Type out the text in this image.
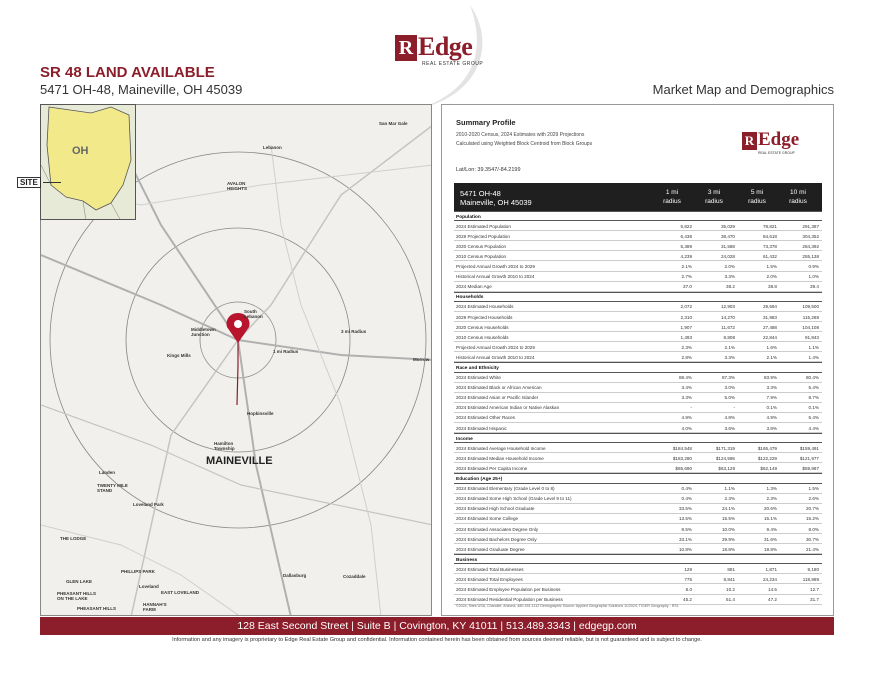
R Edge
REAL ESTATE GROUP
SR 48 LAND AVAILABLE
5471 OH-48, Maineville, OH 45039	Market Map and Demographics
San Mar Gale
Lebanon
AVALON HEIGHTS
South Lebanon
Middletown Junction
Kings Mills
Morrow
Hopkinsville
Hamilton Township
Landen
TWENTY MILE STAND
Loveland Park
THE LODGE
PHILLIPS PARK
GLEN LAKE
Loveland
EAST LOVELAND
PHEASANT HILLS ON THE LAKE
PHEASANT HILLS
HANNAH'S FARM
Dallasburg	Cozaddale
1 mi Radius
3 mi Radius
MAINEVILLE
OH
SITE
Summary Profile
2010-2020 Census, 2024 Estimates with 2029 Projections
Calculated using Weighted Block Centroid from Block Groups	R Edge
REAL ESTATE GROUP
Lat/Lon: 39.3547/-84.2199
5471 OH-48
Maineville, OH 45039
1 mi
radius
3 mi
radius
5 mi
radius
10 mi
radius
Population
2024 Estimated Population	5,822	35,029	78,821	291,387
2029 Projected Population	6,438	38,470	84,618	304,352
2020 Census Population	5,389	31,588	73,378	284,392
2010 Census Population	4,239	24,028	61,432	255,138
Projected Annual Growth 2024 to 2029	2.1%	2.0%	1.5%	0.9%
Historical Annual Growth 2010 to 2024	2.7%	3.3%	2.0%	1.0%
2024 Median Age	37.0	38.2	38.8	39.4
Households
2024 Estimated Households	2,072	12,903	29,594	109,500
2029 Projected Households	2,310	14,270	31,983	115,288
2020 Census Households	1,907	11,672	27,488	104,108
2010 Census Households	1,493	8,808	22,844	91,843
Projected Annual Growth 2024 to 2029	2.3%	2.1%	1.6%	1.1%
Historical Annual Growth 2010 to 2024	2.8%	3.3%	2.1%	1.4%
Race and Ethnicity
2024 Estimated White	88.4%	87.3%	83.9%	80.4%
2024 Estimated Black or African American	3.4%	3.0%	3.3%	5.4%
2024 Estimated Asian or Pacific Islander	3.3%	5.0%	7.9%	8.7%
2024 Estimated American Indian or Native Alaskan	-	-	0.1%	0.1%
2024 Estimated Other Races	4.9%	4.8%	4.9%	5.4%
2024 Estimated Hispanic	4.0%	3.6%	3.8%	4.4%
Income
2024 Estimated Average Household Income	$184,548	$171,319	$165,479	$159,491
2024 Estimated Median Household Income	$183,280	$124,595	$122,229	$121,977
2024 Estimated Per Capita Income	$65,690	$63,129	$62,149	$59,987
Education (Age 25+)
2024 Estimated Elementary (Grade Level 0 to 8)	0.4%	1.1%	1.3%	1.5%
2024 Estimated Some High School (Grade Level 9 to 11)	0.4%	2.3%	2.3%	2.6%
2024 Estimated High School Graduate	33.5%	24.1%	20.6%	20.7%
2024 Estimated Some College	13.5%	15.5%	15.1%	15.2%
2024 Estimated Associates Degree Only	8.5%	10.0%	9.4%	8.0%
2024 Estimated Bachelors Degree Only	33.1%	29.9%	31.6%	30.7%
2024 Estimated Graduate Degree	10.8%	18.8%	19.8%	21.4%
Business
2024 Estimated Total Businesses	129	881	1,871	9,180
2024 Estimated Total Employees	775	8,841	24,234	118,889
2024 Estimated Employee Population per Business	6.0	10.2	14.5	12.7
2024 Estimated Residential Population per Business	45.2	51.4	47.2	31.7
©2024, Sites USA, Chandler, Arizona, 480-491-1112 Demographic Source: Applied Geographic Solutions 11/2024, TIGER Geography - RS1
128 East Second Street | Suite B | Covington, KY 41011 | 513.489.3343 | edgegp.com
Information and any imagery is proprietary to Edge Real Estate Group and confidential. Information contained herein has been obtained from sources deemed reliable, but is not guaranteed and is subject to change.
